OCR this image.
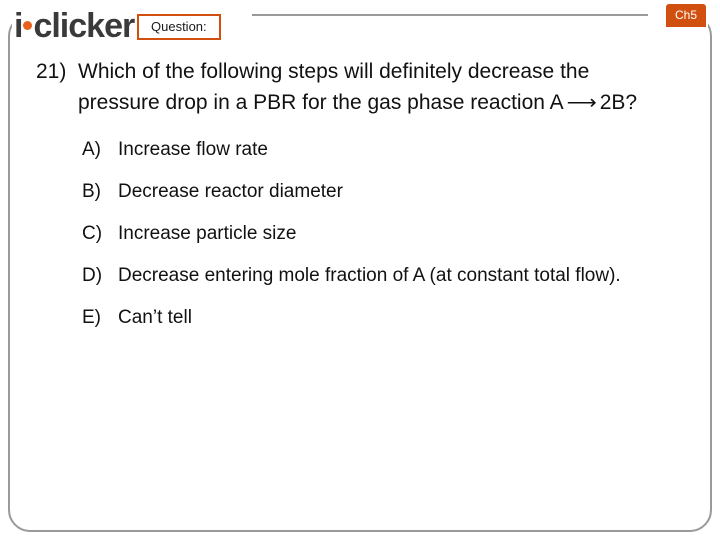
i clicker	Question:
Ch5
21) Which of the following steps will definitely decrease the pressure drop in a PBR for the gas phase reaction A ⟶ 2B?
A) Increase flow rate
B) Decrease reactor diameter
C) Increase particle size
D) Decrease entering mole fraction of A (at constant total flow).
E) Can’t tell
